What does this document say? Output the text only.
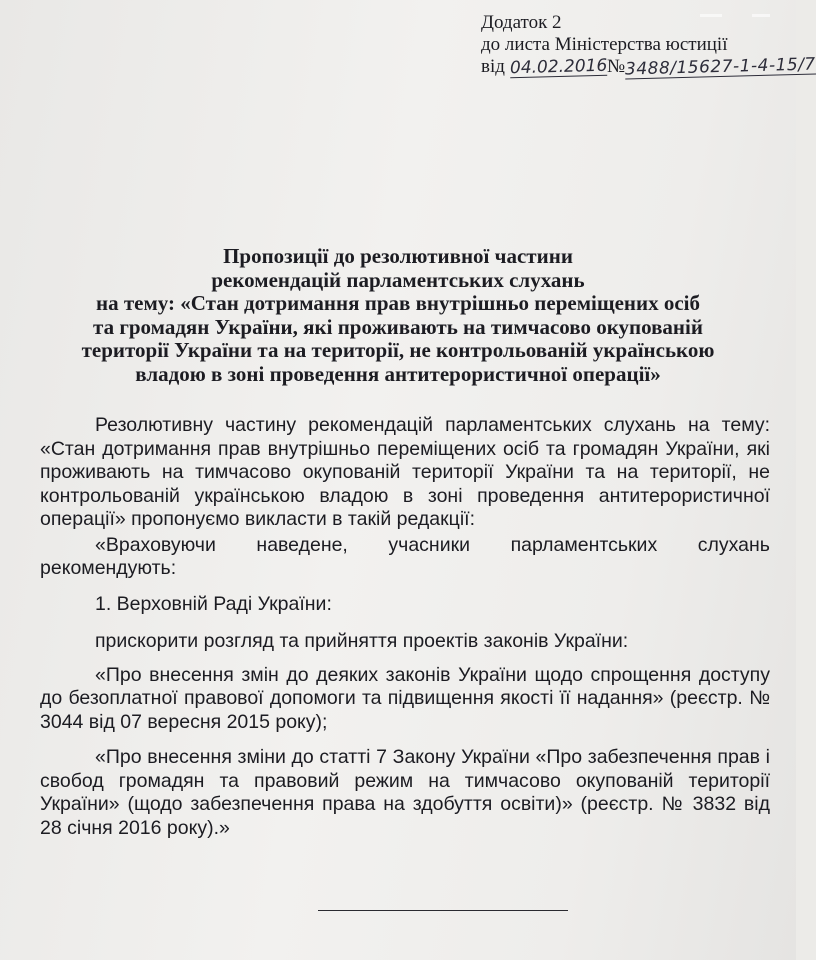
Додаток 2
до листа Міністерства юстиції
від 04.02.2016№3488/15627-1-4-15/7
Пропозиції до резолютивної частини
рекомендацій парламентських слухань
на тему: «Стан дотримання прав внутрішньо переміщених осіб
та громадян України, які проживають на тимчасово окупованій
території України та на території, не контрольованій українською
владою в зоні проведення антитерористичної операції»

Резолютивну частину рекомендацій парламентських слухань на тему: «Стан дотримання прав внутрішньо переміщених осіб та громадян України, які проживають на тимчасово окупованій території України та на території, не контрольованій українською владою в зоні проведення антитерористичної операції» пропонуємо викласти в такій редакції:

«Враховуючи наведене, учасники парламентських слухань
рекомендують:

1. Верховній Раді України:

прискорити розгляд та прийняття проектів законів України:

«Про внесення змін до деяких законів України щодо спрощення доступу до безоплатної правової допомоги та підвищення якості її надання» (реєстр. № 3044 від 07 вересня 2015 року);

«Про внесення зміни до статті 7 Закону України «Про забезпечення прав і свобод громадян та правовий режим на тимчасово окупованій території України» (щодо забезпечення права на здобуття освіти)» (реєстр. № 3832 від 28 січня 2016 року).»
